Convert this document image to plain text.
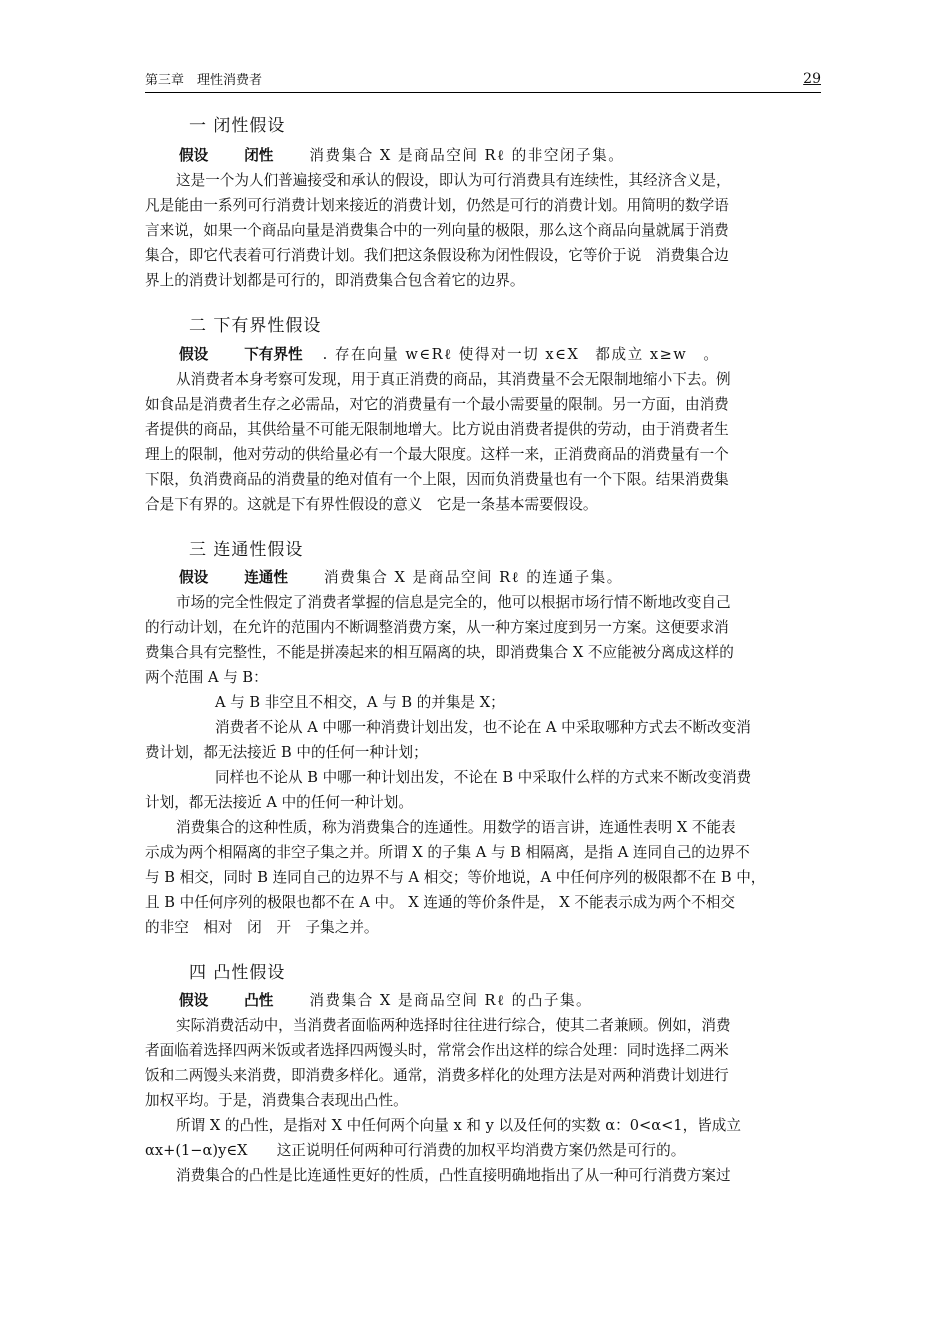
第三章　理性消费者	29
一 闭性假设
假设 闭性 消费集合 X 是商品空间 Rℓ 的非空闭子集。
这是一个为人们普遍接受和承认的假设，即认为可行消费具有连续性，其经济含义是，
凡是能由一系列可行消费计划来接近的消费计划，仍然是可行的消费计划。用简明的数学语
言来说，如果一个商品向量是消费集合中的一列向量的极限，那么这个商品向量就属于消费
集合，即它代表着可行消费计划。我们把这条假设称为闭性假设，它等价于说　消费集合边
界上的消费计划都是可行的，即消费集合包含着它的边界。
二 下有界性假设
假设 下有界性 . 存在向量 w∈Rℓ 使得对一切 x∈X　都成立 x≥w　。
从消费者本身考察可发现，用于真正消费的商品，其消费量不会无限制地缩小下去。例
如食品是消费者生存之必需品，对它的消费量有一个最小需要量的限制。另一方面，由消费
者提供的商品，其供给量不可能无限制地增大。比方说由消费者提供的劳动，由于消费者生
理上的限制，他对劳动的供给量必有一个最大限度。这样一来，正消费商品的消费量有一个
下限，负消费商品的消费量的绝对值有一个上限，因而负消费量也有一个下限。结果消费集
合是下有界的。这就是下有界性假设的意义　它是一条基本需要假设。
三 连通性假设
假设 连通性 消费集合 X 是商品空间 Rℓ 的连通子集。
市场的完全性假定了消费者掌握的信息是完全的，他可以根据市场行情不断地改变自己
的行动计划，在允许的范围内不断调整消费方案，从一种方案过度到另一方案。这便要求消
费集合具有完整性，不能是拼凑起来的相互隔离的块，即消费集合 X 不应能被分离成这样的
两个范围 A 与 B：
A 与 B 非空且不相交，A 与 B 的并集是 X；
消费者不论从 A 中哪一种消费计划出发，也不论在 A 中采取哪种方式去不断改变消
费计划，都无法接近 B 中的任何一种计划；
同样也不论从 B 中哪一种计划出发，不论在 B 中采取什么样的方式来不断改变消费
计划，都无法接近 A 中的任何一种计划。
消费集合的这种性质，称为消费集合的连通性。用数学的语言讲，连通性表明 X 不能表
示成为两个相隔离的非空子集之并。所谓 X 的子集 A 与 B 相隔离，是指 A 连同自己的边界不
与 B 相交，同时 B 连同自己的边界不与 A 相交；等价地说，A 中任何序列的极限都不在 B 中，
且 B 中任何序列的极限也都不在 A 中。 X 连通的等价条件是， X 不能表示成为两个不相交
的非空　相对　闭　开　子集之并。
四 凸性假设
假设 凸性 消费集合 X 是商品空间 Rℓ 的凸子集。
实际消费活动中，当消费者面临两种选择时往往进行综合，使其二者兼顾。例如，消费
者面临着选择四两米饭或者选择四两馒头时，常常会作出这样的综合处理：同时选择二两米
饭和二两馒头来消费，即消费多样化。通常，消费多样化的处理方法是对两种消费计划进行
加权平均。于是，消费集合表现出凸性。
所谓 X 的凸性，是指对 X 中任何两个向量 x 和 y 以及任何的实数 α：0<α<1，皆成立
αx+(1−α)y∈X　　这正说明任何两种可行消费的加权平均消费方案仍然是可行的。
消费集合的凸性是比连通性更好的性质，凸性直接明确地指出了从一种可行消费方案过
